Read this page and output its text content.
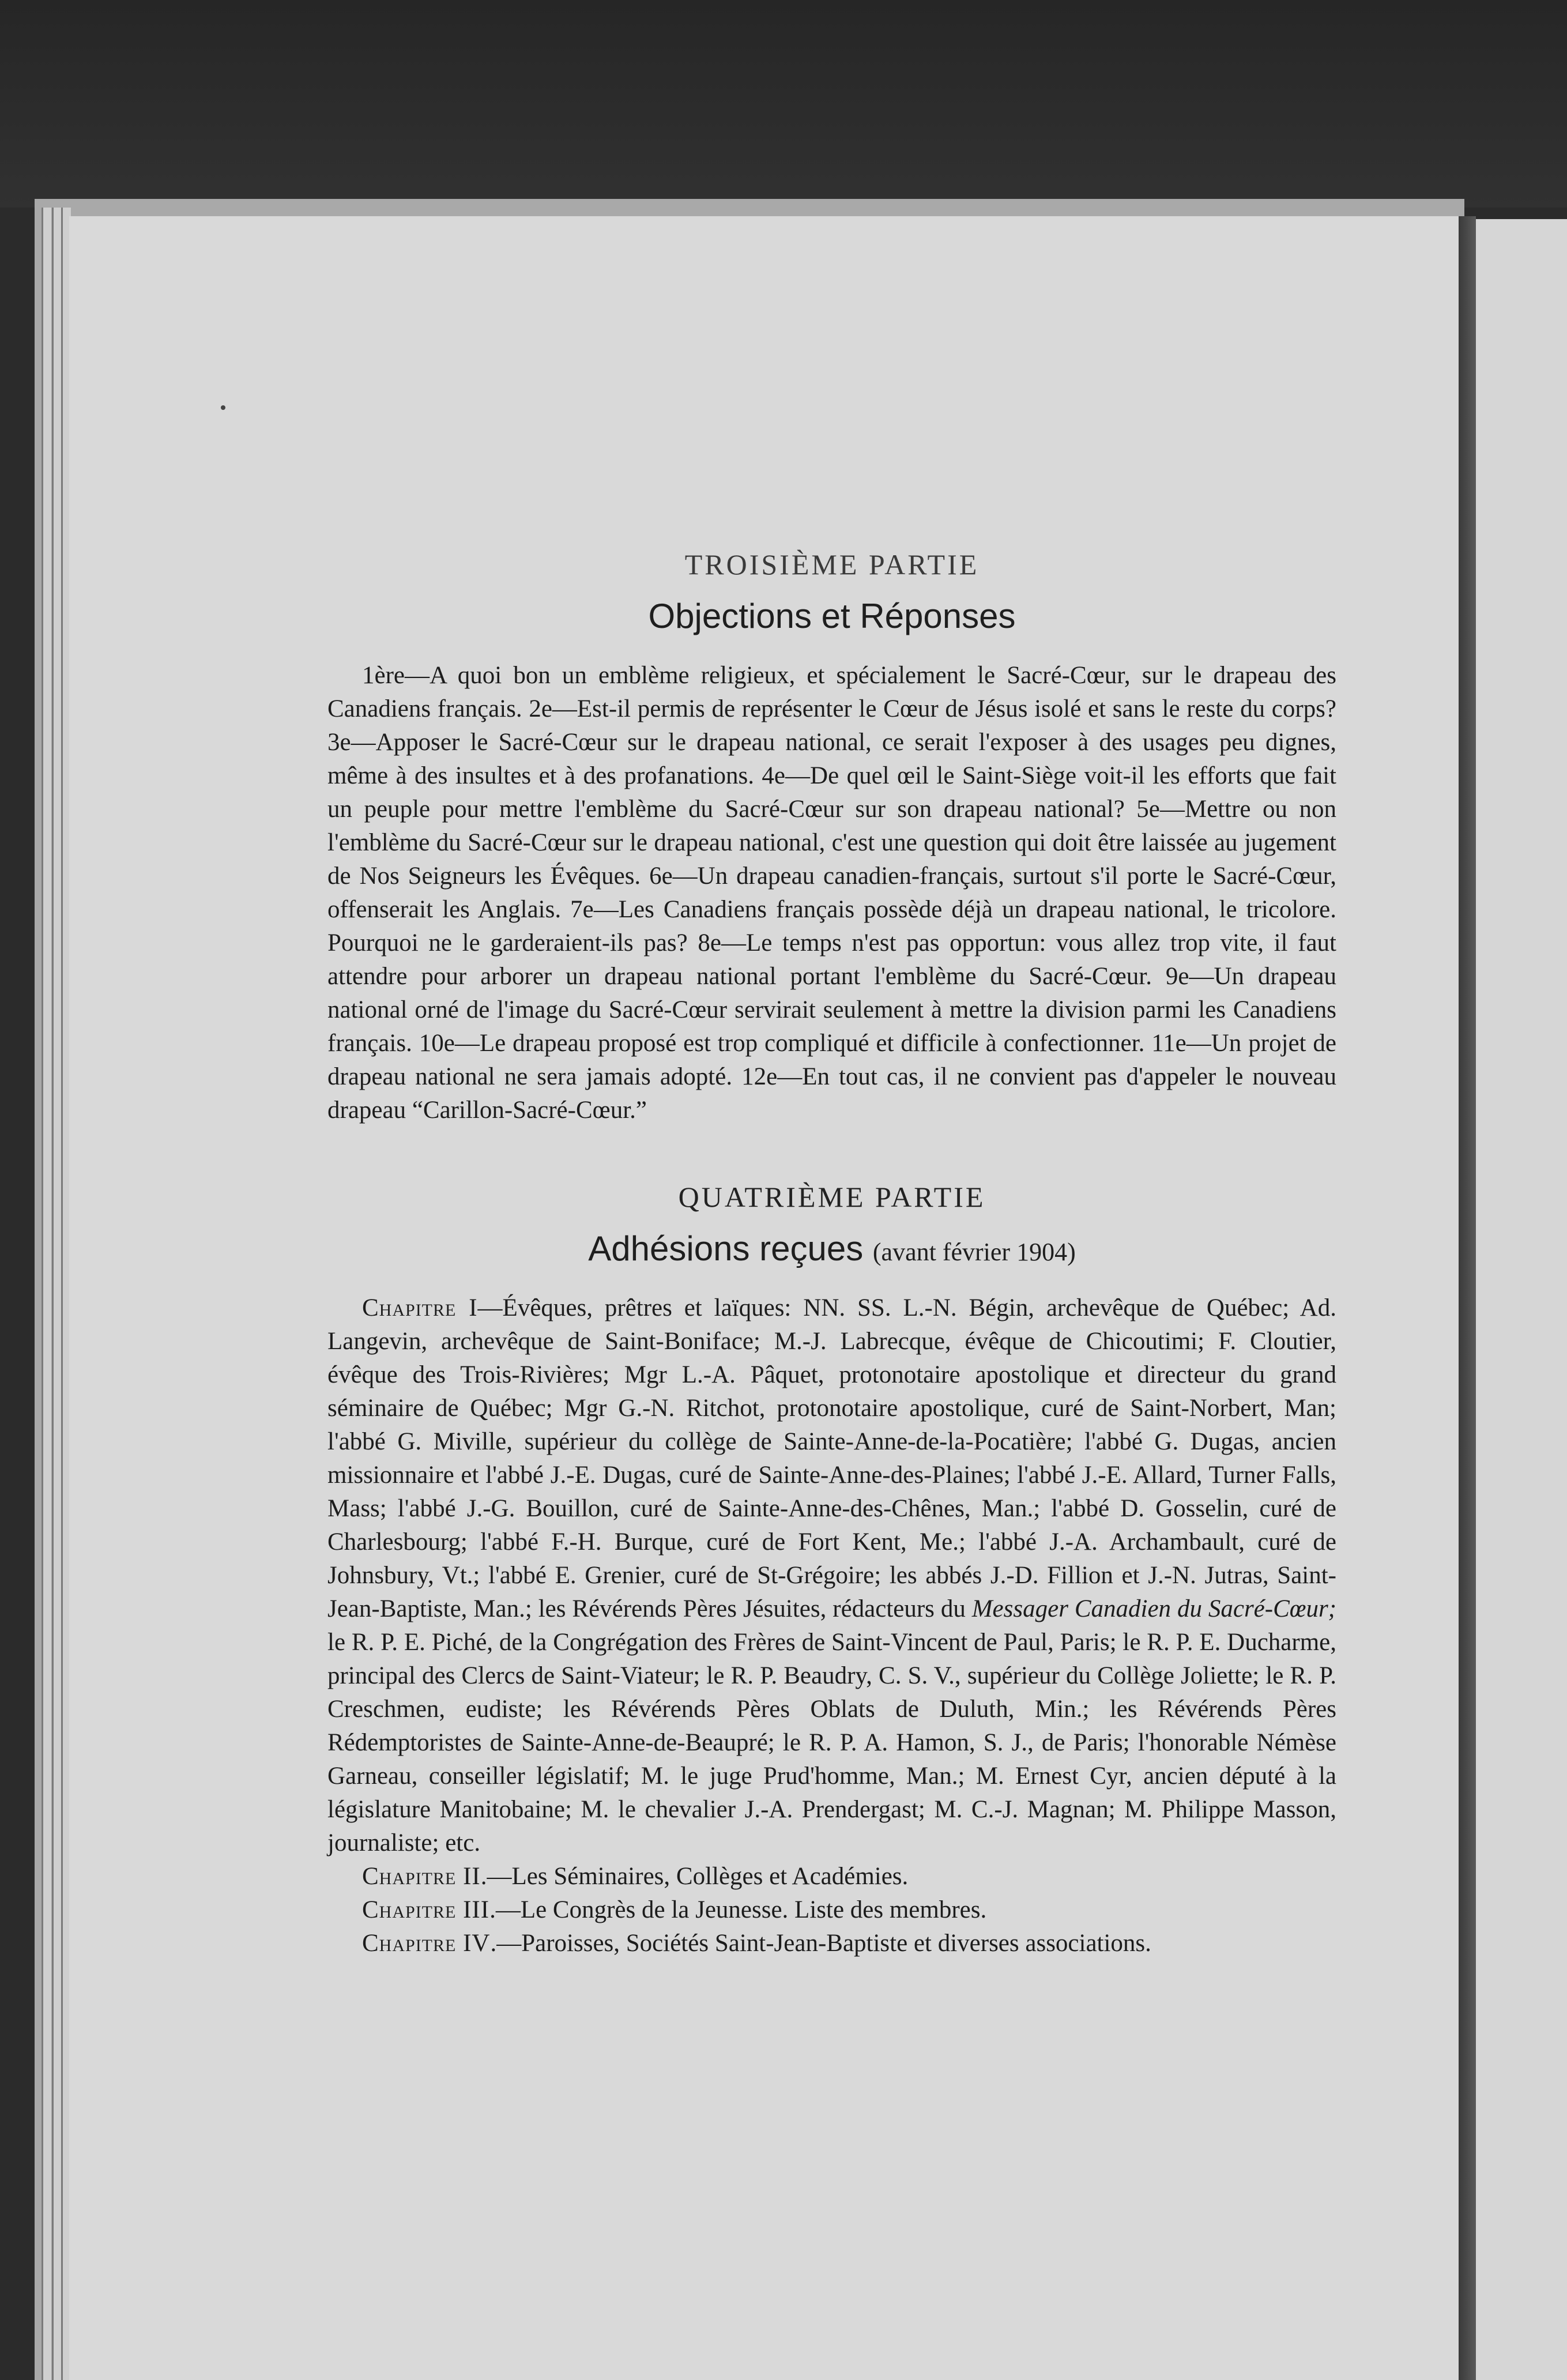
TROISIÈME PARTIE
Objections et Réponses

1ère—A quoi bon un emblème religieux, et spécialement le Sacré-Cœur, sur le drapeau des Canadiens français. 2e—Est-il permis de représenter le Cœur de Jésus isolé et sans le reste du corps? 3e—Apposer le Sacré-Cœur sur le drapeau national, ce serait l'exposer à des usages peu dignes, même à des insultes et à des profanations. 4e—De quel œil le Saint-Siège voit-il les efforts que fait un peuple pour mettre l'emblème du Sacré-Cœur sur son drapeau national? 5e—Mettre ou non l'emblème du Sacré-Cœur sur le drapeau national, c'est une question qui doit être laissée au jugement de Nos Seigneurs les Évêques. 6e—Un drapeau canadien-français, surtout s'il porte le Sacré-Cœur, offenserait les Anglais. 7e—Les Canadiens français possède déjà un drapeau national, le tricolore. Pourquoi ne le garderaient-ils pas? 8e—Le temps n'est pas opportun: vous allez trop vite, il faut attendre pour arborer un drapeau national portant l'emblème du Sacré-Cœur. 9e—Un drapeau national orné de l'image du Sacré-Cœur servirait seulement à mettre la division parmi les Canadiens français. 10e—Le drapeau proposé est trop compliqué et difficile à confectionner. 11e—Un projet de drapeau national ne sera jamais adopté. 12e—En tout cas, il ne convient pas d'appeler le nouveau drapeau “Carillon-Sacré-Cœur.”

QUATRIÈME PARTIE
Adhésions reçues (avant février 1904)

Chapitre I—Évêques, prêtres et laïques: NN. SS. L.-N. Bégin, archevêque de Québec; Ad. Langevin, archevêque de Saint-Boniface; M.-J. Labrecque, évêque de Chicoutimi; F. Cloutier, évêque des Trois-Rivières; Mgr L.-A. Pâquet, protonotaire apostolique et directeur du grand séminaire de Québec; Mgr G.-N. Ritchot, protonotaire apostolique, curé de Saint-Norbert, Man; l'abbé G. Miville, supérieur du collège de Sainte-Anne-de-la-Pocatière; l'abbé G. Dugas, ancien missionnaire et l'abbé J.-E. Dugas, curé de Sainte-Anne-des-Plaines; l'abbé J.-E. Allard, Turner Falls, Mass; l'abbé J.-G. Bouillon, curé de Sainte-Anne-des-Chênes, Man.; l'abbé D. Gosselin, curé de Charlesbourg; l'abbé F.-H. Burque, curé de Fort Kent, Me.; l'abbé J.-A. Archambault, curé de Johnsbury, Vt.; l'abbé E. Grenier, curé de St-Grégoire; les abbés J.-D. Fillion et J.-N. Jutras, Saint-Jean-Baptiste, Man.; les Révérends Pères Jésuites, rédacteurs du Messager Canadien du Sacré-Cœur; le R. P. E. Piché, de la Congrégation des Frères de Saint-Vincent de Paul, Paris; le R. P. E. Ducharme, principal des Clercs de Saint-Viateur; le R. P. Beaudry, C. S. V., supérieur du Collège Joliette; le R. P. Creschmen, eudiste; les Révérends Pères Oblats de Duluth, Min.; les Révérends Pères Rédemptoristes de Sainte-Anne-de-Beaupré; le R. P. A. Hamon, S. J., de Paris; l'honorable Némèse Garneau, conseiller législatif; M. le juge Prud'homme, Man.; M. Ernest Cyr, ancien député à la législature Manitobaine; M. le chevalier J.-A. Prendergast; M. C.-J. Magnan; M. Philippe Masson, journaliste; etc.

Chapitre II.—Les Séminaires, Collèges et Académies.

Chapitre III.—Le Congrès de la Jeunesse. Liste des membres.

Chapitre IV.—Paroisses, Sociétés Saint-Jean-Baptiste et diverses associations.
